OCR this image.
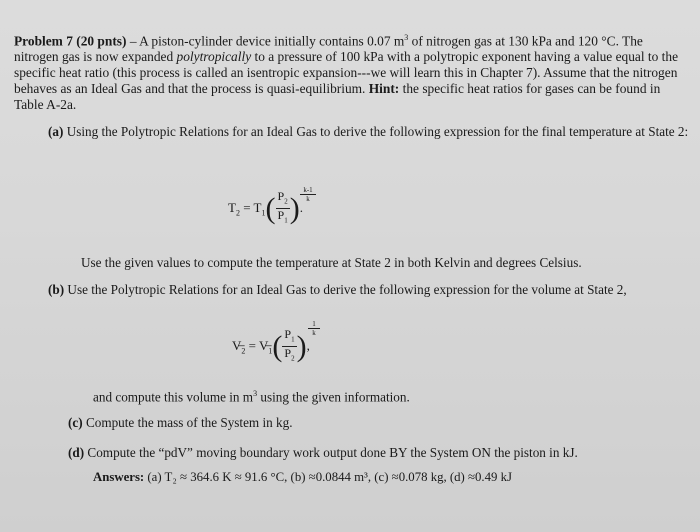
Problem 7 (20 pnts) – A piston-cylinder device initially contains 0.07 $m^3$ of nitrogen gas at 130 kPa and 120 °C. The nitrogen gas is now expanded polytropically to a pressure of 100 kPa with a polytropic exponent having a value equal to the specific heat ratio (this process is called an isentropic expansion---we will learn this in Chapter 7). Assume that the nitrogen behaves as an Ideal Gas and that the process is quasi-equilibrium. Hint: the specific heat ratios for gases can be found in Table A-2a.
(a) Using the Polytropic Relations for an Ideal Gas to derive the following expression for the final temperature at State 2:
$T_2 = T_1( \frac{P_2}{P_1}$ ).
$\frac{k-1}{k}$
Use the given values to compute the temperature at State 2 in both Kelvin and degrees Celsius.
(b) Use the Polytropic Relations for an Ideal Gas to derive the following expression for the volume at State 2,
$V̶_2$ = $V̶_1( \frac{P_1}{P_2}$ ),
$\frac{1}{k}$
and compute this volume in $m^3$ using the given information.
(c) Compute the mass of the System in kg.
(d) Compute the “pdV” moving boundary work output done BY the System ON the piston in kJ.
Answers: (a) T₂ ≈ 364.6 K ≈ 91.6 °C, (b) ≈0.0844 m³, (c) ≈0.078 kg, (d) ≈0.49 kJ
